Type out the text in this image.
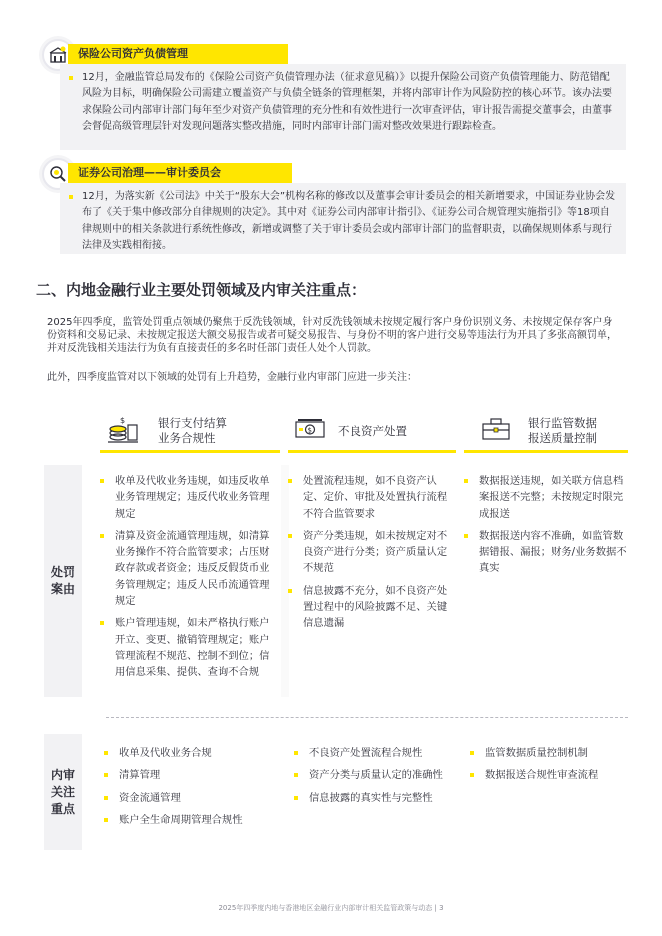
保险公司资产负债管理
12月，金融监管总局发布的《保险公司资产负债管理办法（征求意见稿）》以提升保险公司资产负债管理能力、防范错配风险为目标，明确保险公司需建立覆盖资产与负债全链条的管理框架，并将内部审计作为风险防控的核心环节。该办法要求保险公司内部审计部门每年至少对资产负债管理的充分性和有效性进行一次审查评估，审计报告需提交董事会，由董事会督促高级管理层针对发现问题落实整改措施，同时内部审计部门需对整改效果进行跟踪检查。
证券公司治理——审计委员会
12月，为落实新《公司法》中关于“股东大会”机构名称的修改以及董事会审计委员会的相关新增要求，中国证券业协会发布了《关于集中修改部分自律规则的决定》。其中对《证券公司内部审计指引》、《证券公司合规管理实施指引》等18项自律规则中的相关条款进行系统性修改，新增或调整了关于审计委员会或内部审计部门的监督职责，以确保规则体系与现行法律及实践相衔接。
二、内地金融行业主要处罚领域及内审关注重点：
2025年四季度，监管处罚重点领域仍聚焦于反洗钱领域，针对反洗钱领域未按规定履行客户身份识别义务、未按规定保存客户身份资料和交易记录、未按规定报送大额交易报告或者可疑交易报告、与身份不明的客户进行交易等违法行为开具了多张高额罚单，并对反洗钱相关违法行为负有直接责任的多名时任部门责任人处个人罚款。
此外，四季度监管对以下领域的处罚有上升趋势，金融行业内审部门应进一步关注：
$	银行支付结算
业务合规性
$ 不良资产处置
银行监管数据
报送质量控制
处罚
案由
收单及代收业务违规，如违反收单业务管理规定；违反代收业务管理规定
清算及资金流通管理违规，如清算业务操作不符合监管要求；占压财政存款或者资金；违反反假货币业务管理规定；违反人民币流通管理规定
账户管理违规，如未严格执行账户开立、变更、撤销管理规定；账户管理流程不规范、控制不到位；信用信息采集、提供、查询不合规
处置流程违规，如不良资产认定、定价、审批及处置执行流程不符合监管要求
资产分类违规，如未按规定对不良资产进行分类；资产质量认定不规范
信息披露不充分，如不良资产处置过程中的风险披露不足、关键信息遗漏
数据报送违规，如关联方信息档案报送不完整；未按规定时限完成报送
数据报送内容不准确，如监管数据错报、漏报；财务/业务数据不真实
内审
关注
重点
收单及代收业务合规
清算管理
资金流通管理
账户全生命周期管理合规性
不良资产处置流程合规性
资产分类与质量认定的准确性
信息披露的真实性与完整性
监管数据质量控制机制
数据报送合规性审查流程
2025年四季度内地与香港地区金融行业内部审计相关监管政策与动态 | 3
